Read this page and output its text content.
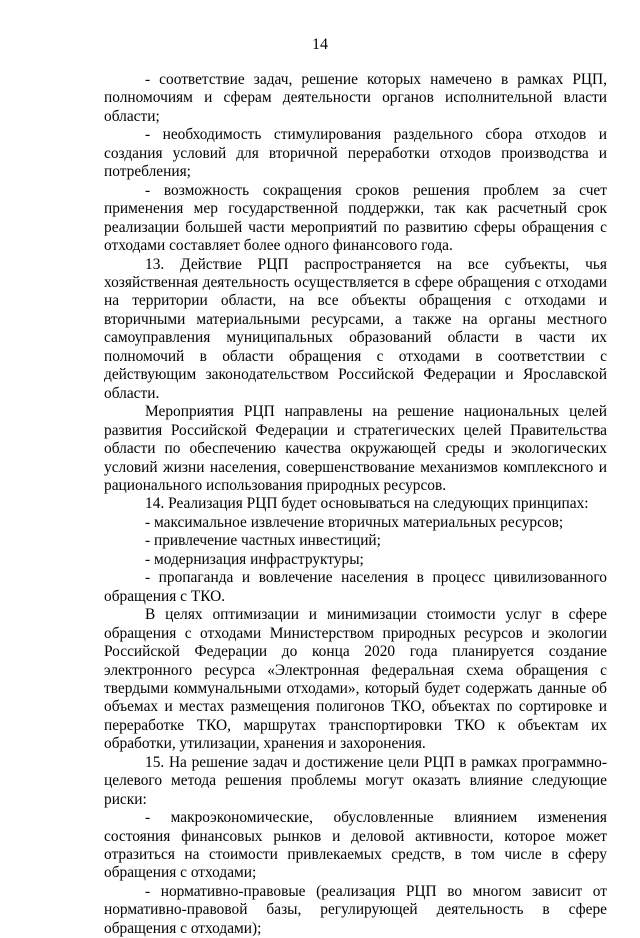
14

- соответствие задач, решение которых намечено в рамках РЦП, полномочиям и сферам деятельности органов исполнительной власти области;

- необходимость стимулирования раздельного сбора отходов и создания условий для вторичной переработки отходов производства и потребления;

- возможность сокращения сроков решения проблем за счет применения мер государственной поддержки, так как расчетный срок реализации большей части мероприятий по развитию сферы обращения с отходами составляет более одного финансового года.

13. Действие РЦП распространяется на все субъекты, чья хозяйственная деятельность осуществляется в сфере обращения с отходами на территории области, на все объекты обращения с отходами и вторичными материальными ресурсами, а также на органы местного самоуправления муниципальных образований области в части их полномочий в области обращения с отходами в соответствии с действующим законодательством Российской Федерации и Ярославской области.

Мероприятия РЦП направлены на решение национальных целей развития Российской Федерации и стратегических целей Правительства области по обеспечению качества окружающей среды и экологических условий жизни населения, совершенствование механизмов комплексного и рационального использования природных ресурсов.

14. Реализация РЦП будет основываться на следующих принципах:

- максимальное извлечение вторичных материальных ресурсов;

- привлечение частных инвестиций;

- модернизация инфраструктуры;

- пропаганда и вовлечение населения в процесс цивилизованного обращения с ТКО.

В целях оптимизации и минимизации стоимости услуг в сфере обращения с отходами Министерством природных ресурсов и экологии Российской Федерации до конца 2020 года планируется создание электронного ресурса «Электронная федеральная схема обращения с твердыми коммунальными отходами», который будет содержать данные об объемах и местах размещения полигонов ТКО, объектах по сортировке и переработке ТКО, маршрутах транспортировки ТКО к объектам их обработки, утилизации, хранения и захоронения.

15. На решение задач и достижение цели РЦП в рамках программно-целевого метода решения проблемы могут оказать влияние следующие риски:

- макроэкономические, обусловленные влиянием изменения состояния финансовых рынков и деловой активности, которое может отразиться на стоимости привлекаемых средств, в том числе в сферу обращения с отходами;

- нормативно-правовые (реализация РЦП во многом зависит от нормативно-правовой базы, регулирующей деятельность в сфере обращения с отходами);
